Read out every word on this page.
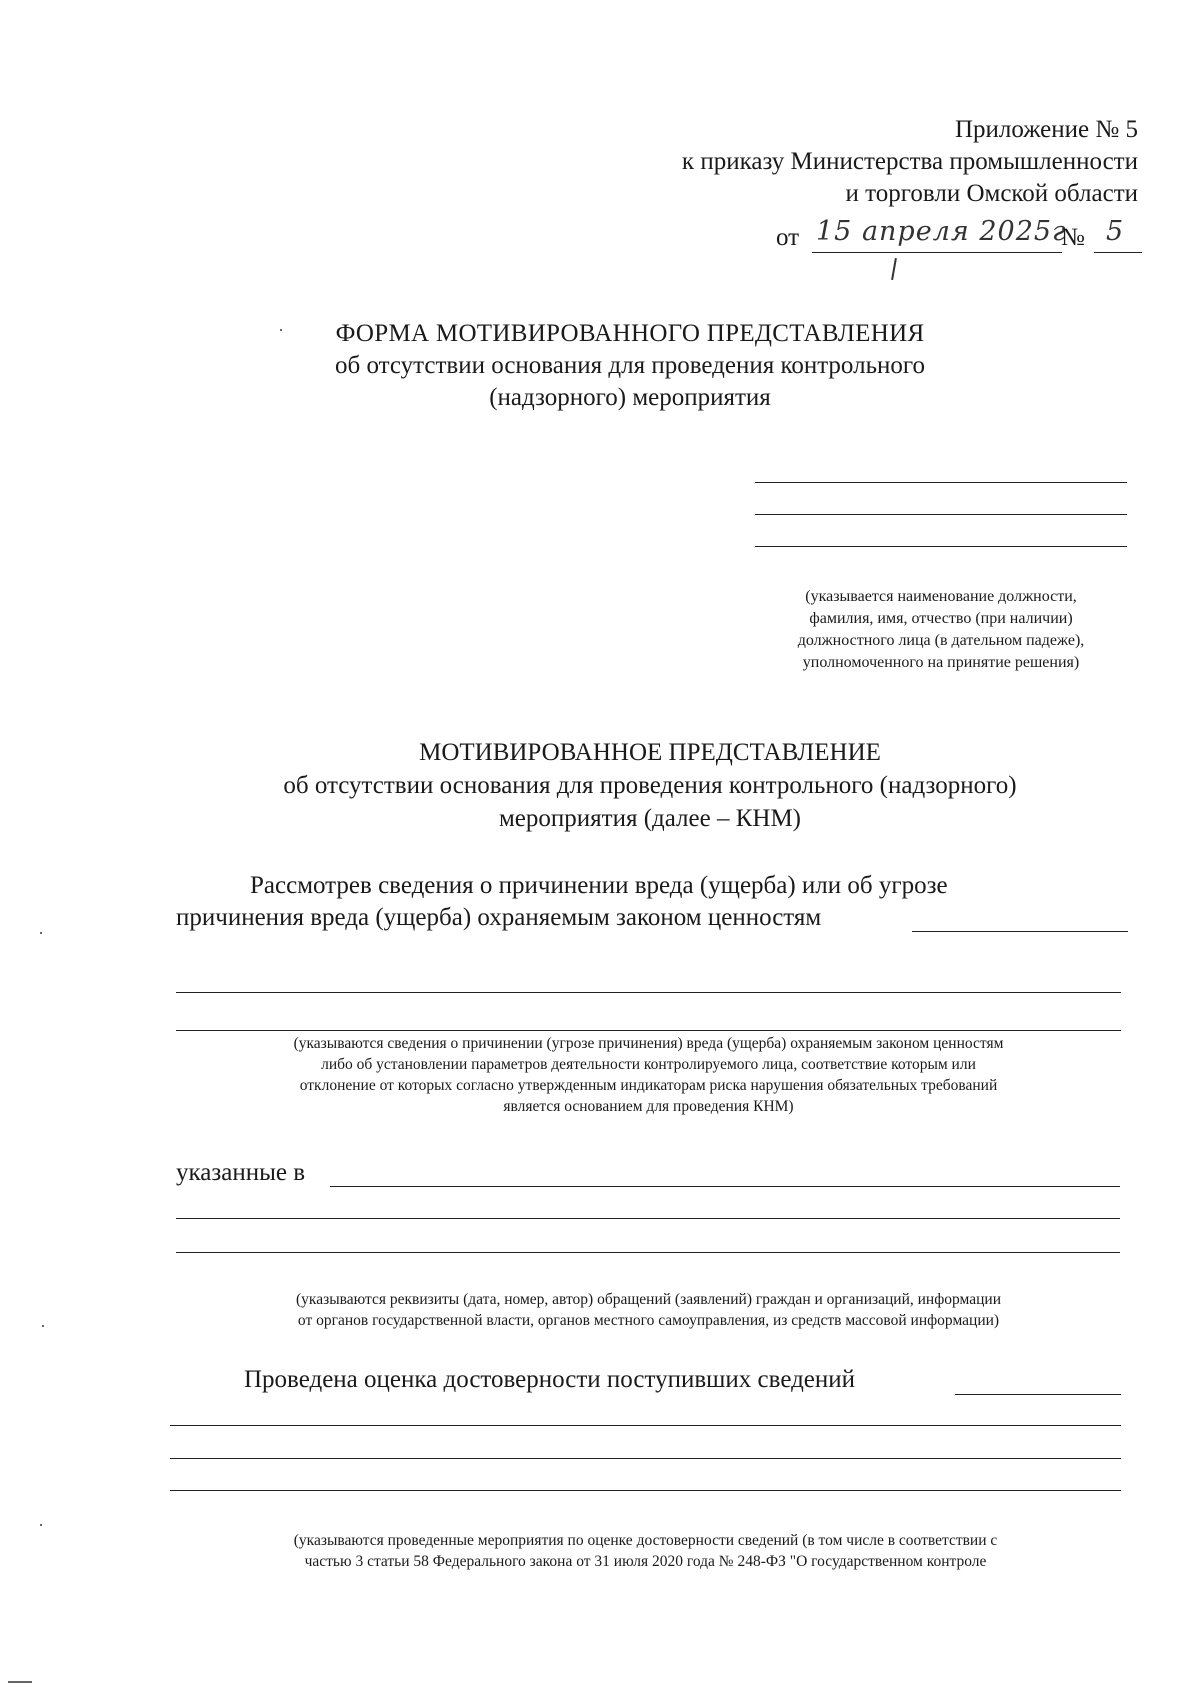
Приложение № 5
к приказу Министерства промышленности
и торговли Омской области
от 15 апреля 2025г
№ 5
ФОРМА МОТИВИРОВАННОГО ПРЕДСТАВЛЕНИЯ
об отсутствии основания для проведения контрольного
(надзорного) мероприятия
(указывается наименование должности,
фамилия, имя, отчество (при наличии)
должностного лица (в дательном падеже),
уполномоченного на принятие решения)
МОТИВИРОВАННОЕ ПРЕДСТАВЛЕНИЕ
об отсутствии основания для проведения контрольного (надзорного)
мероприятия (далее – КНМ)
Рассмотрев сведения о причинении вреда (ущерба) или об угрозе
причинения вреда (ущерба) охраняемым законом ценностям
(указываются сведения о причинении (угрозе причинения) вреда (ущерба) охраняемым законом ценностям
либо об установлении параметров деятельности контролируемого лица, соответствие которым или
отклонение от которых согласно утвержденным индикаторам риска нарушения обязательных требований
является основанием для проведения КНМ)
указанные в
(указываются реквизиты (дата, номер, автор) обращений (заявлений) граждан и организаций, информации
от органов государственной власти, органов местного самоуправления, из средств массовой информации)
Проведена оценка достоверности поступивших сведений
(указываются проведенные мероприятия по оценке достоверности сведений (в том числе в соответствии с
частью 3 статьи 58 Федерального закона от 31 июля 2020 года № 248-ФЗ "О государственном контроле
